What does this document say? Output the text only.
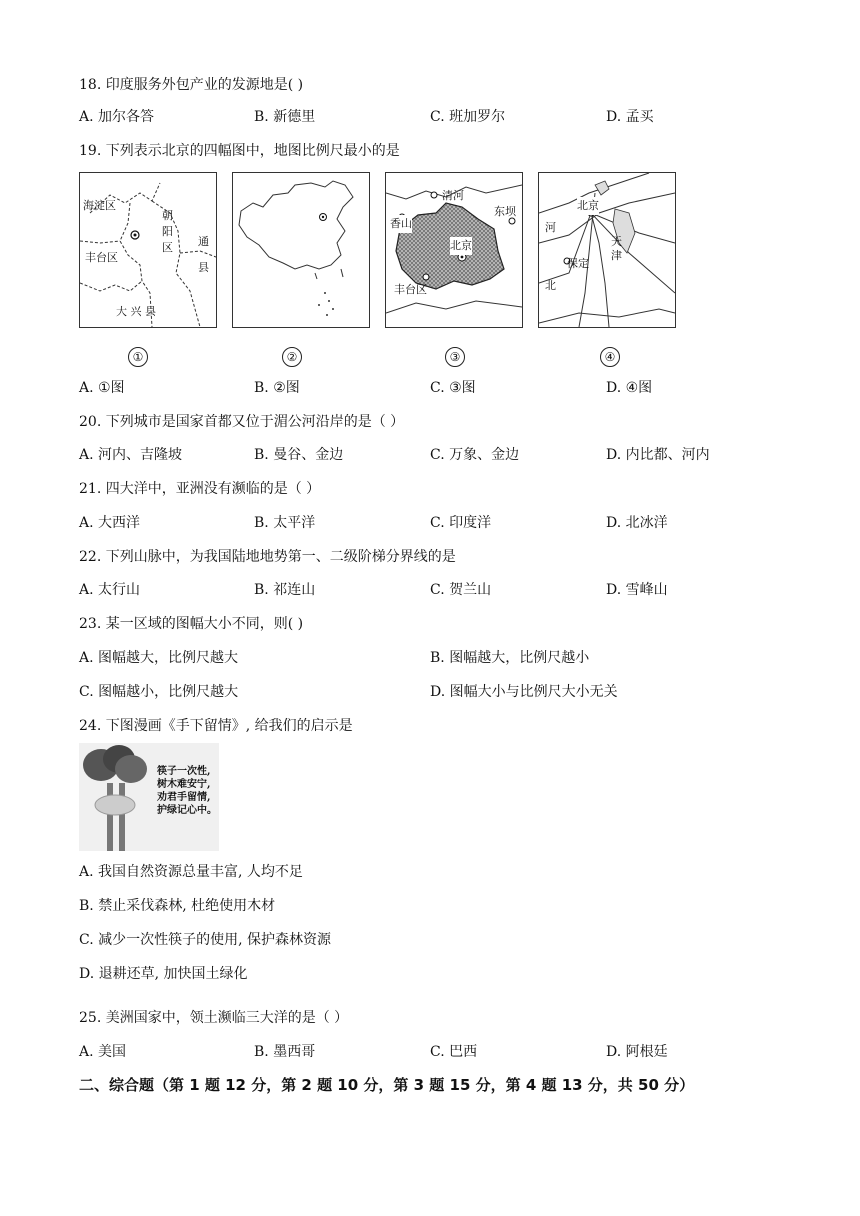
18. 印度服务外包产业的发源地是( )
A. 加尔各答	B. 新德里	C. 班加罗尔	D. 孟买
19. 下列表示北京的四幅图中，地图比例尺最小的是
海淀区
朝
阳
区
丰台区
通
县
大 兴 县
清河
香山
东坝
北京
丰台区
北京
天
津
河
保定
北
①	②	③	④
A. ①图	B. ②图	C. ③图	D. ④图
20. 下列城市是国家首都又位于湄公河沿岸的是（ ）
A. 河内、吉隆坡	B. 曼谷、金边	C. 万象、金边	D. 内比都、河内
21. 四大洋中，亚洲没有濒临的是（ ）
A. 大西洋	B. 太平洋	C. 印度洋	D. 北冰洋
22. 下列山脉中，为我国陆地地势第一、二级阶梯分界线的是
A. 太行山	B. 祁连山	C. 贺兰山	D. 雪峰山
23. 某一区域的图幅大小不同，则( )
A. 图幅越大，比例尺越大	B. 图幅越大，比例尺越小
C. 图幅越小，比例尺越大	D. 图幅大小与比例尺大小无关
24. 下图漫画《手下留情》, 给我们的启示是
筷子一次性,
树木难安宁,
劝君手留情,
护绿记心中。
A. 我国自然资源总量丰富, 人均不足
B. 禁止采伐森林, 杜绝使用木材
C. 减少一次性筷子的使用, 保护森林资源
D. 退耕还草, 加快国土绿化
25. 美洲国家中，领土濒临三大洋的是（ ）
A. 美国	B. 墨西哥	C. 巴西	D. 阿根廷
二、综合题（第 1 题 12 分，第 2 题 10 分，第 3 题 15 分，第 4 题 13 分，共 50 分）
